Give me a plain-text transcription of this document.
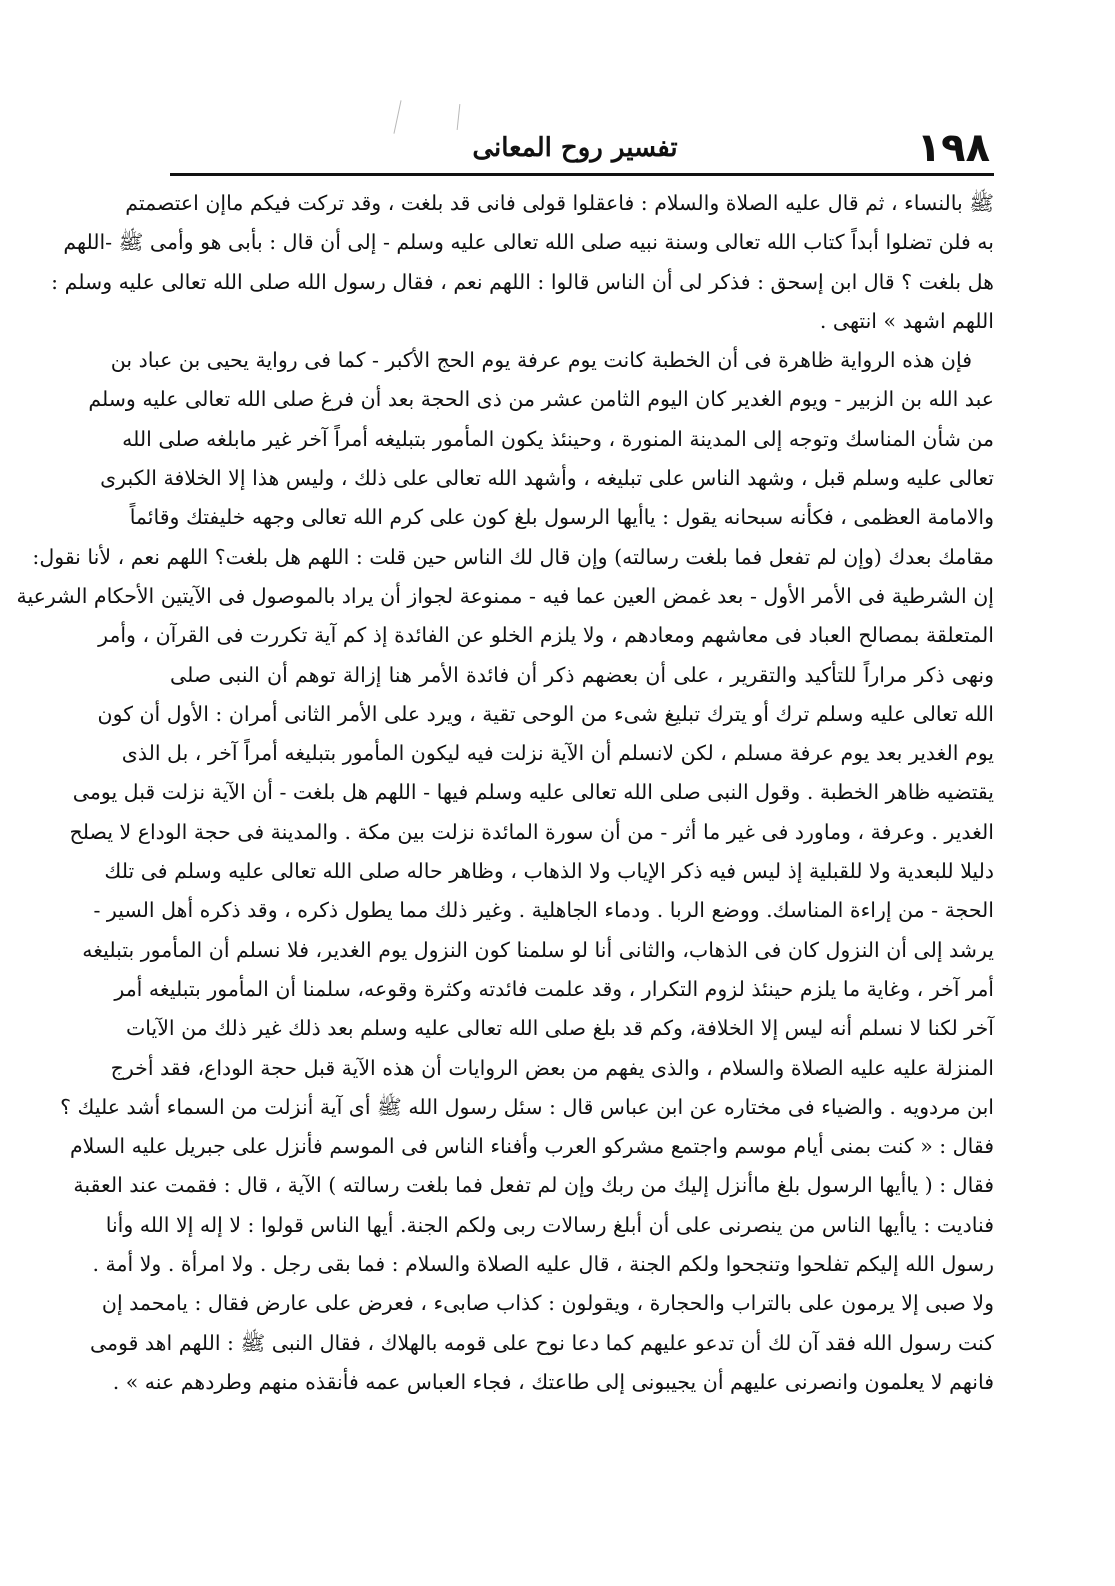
١٩٨
تفسير روح المعانى
ﷺ بالنساء ، ثم قال عليه الصلاة والسلام : فاعقلوا قولى فانى قد بلغت ، وقد تركت فيكم ماإن اعتصمتم
به فلن تضلوا أبداً كتاب الله تعالى وسنة نبيه صلى الله تعالى عليه وسلم - إلى أن قال : بأبى هو وأمى ﷺ -اللهم
هل بلغت ؟ قال ابن إسحق : فذكر لى أن الناس قالوا : اللهم نعم ، فقال رسول الله صلى الله تعالى عليه وسلم :
اللهم اشهد » انتهى .
فإن هذه الرواية ظاهرة فى أن الخطبة كانت يوم عرفة يوم الحج الأكبر - كما فى رواية يحيى بن عباد بن
عبد الله بن الزبير - ويوم الغدير كان اليوم الثامن عشر من ذى الحجة بعد أن فرغ صلى الله تعالى عليه وسلم
من شأن المناسك وتوجه إلى المدينة المنورة ، وحينئذ يكون المأمور بتبليغه أمراً آخر غير مابلغه صلى الله
تعالى عليه وسلم قبل ، وشهد الناس على تبليغه ، وأشهد الله تعالى على ذلك ، وليس هذا إلا الخلافة الكبرى
والامامة العظمى ، فكأنه سبحانه يقول : ياأيها الرسول بلغ كون على كرم الله تعالى وجهه خليفتك وقائماً
مقامك بعدك (وإن لم تفعل فما بلغت رسالته) وإن قال لك الناس حين قلت : اللهم هل بلغت؟ اللهم نعم ، لأنا نقول:
إن الشرطية فى الأمر الأول - بعد غمض العين عما فيه - ممنوعة لجواز أن يراد بالموصول فى الآيتين الأحكام الشرعية
المتعلقة بمصالح العباد فى معاشهم ومعادهم ، ولا يلزم الخلو عن الفائدة إذ كم آية تكررت فى القرآن ، وأمر
ونهى ذكر مراراً للتأكيد والتقرير ، على أن بعضهم ذكر أن فائدة الأمر هنا إزالة توهم أن النبى صلى
الله تعالى عليه وسلم ترك أو يترك تبليغ شىء من الوحى تقية ، ويرد على الأمر الثانى أمران : الأول أن كون
يوم الغدير بعد يوم عرفة مسلم ، لكن لانسلم أن الآية نزلت فيه ليكون المأمور بتبليغه أمراً آخر ، بل الذى
يقتضيه ظاهر الخطبة . وقول النبى صلى الله تعالى عليه وسلم فيها - اللهم هل بلغت - أن الآية نزلت قبل يومى
الغدير . وعرفة ، وماورد فى غير ما أثر - من أن سورة المائدة نزلت بين مكة . والمدينة فى حجة الوداع لا يصلح
دليلا للبعدية ولا للقبلية إذ ليس فيه ذكر الإياب ولا الذهاب ، وظاهر حاله صلى الله تعالى عليه وسلم فى تلك
الحجة - من إراءة المناسك. ووضع الربا . ودماء الجاهلية . وغير ذلك مما يطول ذكره ، وقد ذكره أهل السير -
يرشد إلى أن النزول كان فى الذهاب، والثانى أنا لو سلمنا كون النزول يوم الغدير، فلا نسلم أن المأمور بتبليغه
أمر آخر ، وغاية ما يلزم حينئذ لزوم التكرار ، وقد علمت فائدته وكثرة وقوعه، سلمنا أن المأمور بتبليغه أمر
آخر لكنا لا نسلم أنه ليس إلا الخلافة، وكم قد بلغ صلى الله تعالى عليه وسلم بعد ذلك غير ذلك من الآيات
المنزلة عليه عليه الصلاة والسلام ، والذى يفهم من بعض الروايات أن هذه الآية قبل حجة الوداع، فقد أخرج
ابن مردويه . والضياء فى مختاره عن ابن عباس قال : سئل رسول الله ﷺ أى آية أنزلت من السماء أشد عليك ؟
فقال : « كنت بمنى أيام موسم واجتمع مشركو العرب وأفناء الناس فى الموسم فأنزل على جبريل عليه السلام
فقال : ( ياأيها الرسول بلغ ماأنزل إليك من ربك وإن لم تفعل فما بلغت رسالته ) الآية ، قال : فقمت عند العقبة
فناديت : ياأيها الناس من ينصرنى على أن أبلغ رسالات ربى ولكم الجنة. أيها الناس قولوا : لا إله إلا الله وأنا
رسول الله إليكم تفلحوا وتنجحوا ولكم الجنة ، قال عليه الصلاة والسلام : فما بقى رجل . ولا امرأة . ولا أمة .
ولا صبى إلا يرمون على بالتراب والحجارة ، ويقولون : كذاب صابىء ، فعرض على عارض فقال : يامحمد إن
كنت رسول الله فقد آن لك أن تدعو عليهم كما دعا نوح على قومه بالهلاك ، فقال النبى ﷺ : اللهم اهد قومى
فانهم لا يعلمون وانصرنى عليهم أن يجيبونى إلى طاعتك ، فجاء العباس عمه فأنقذه منهم وطردهم عنه » .
